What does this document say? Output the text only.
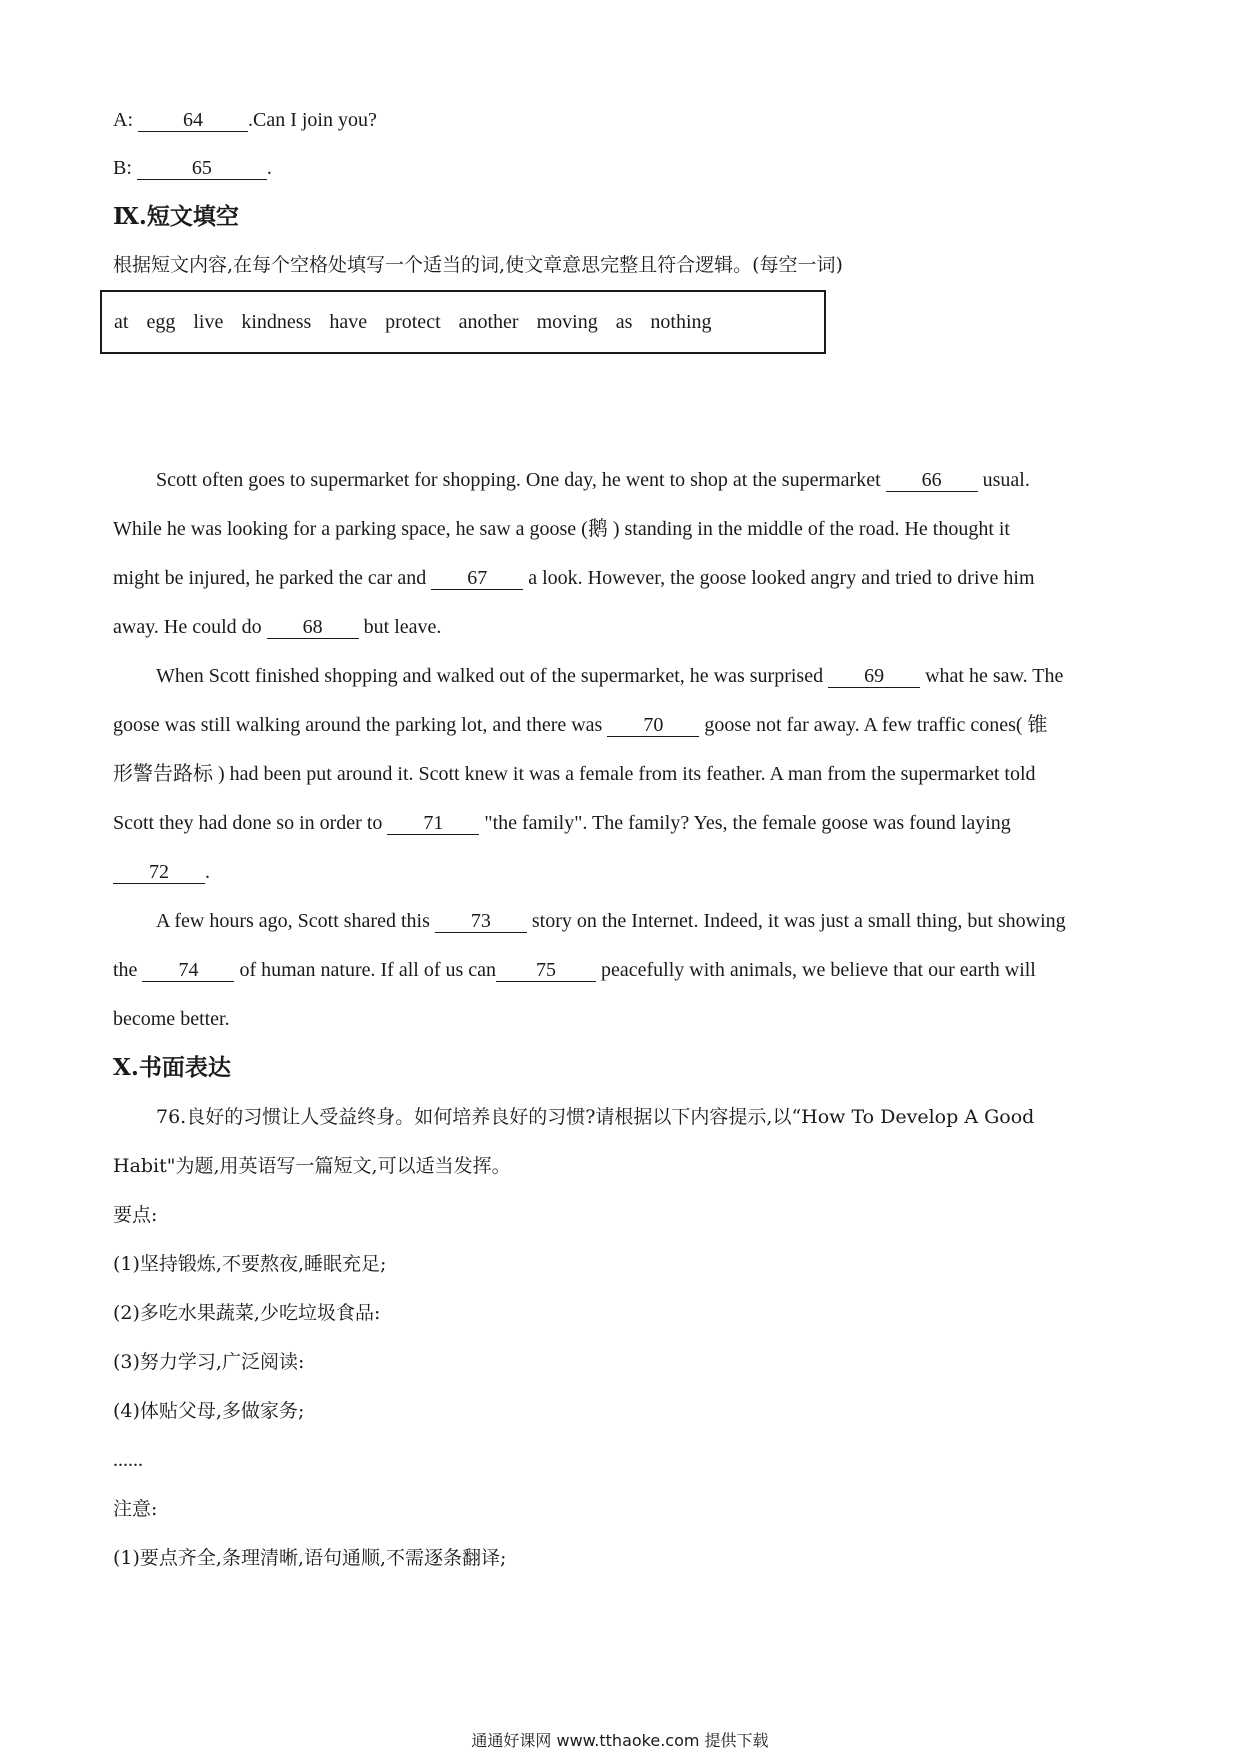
A:	64 .Can I join you?
B:	65	.
Ⅸ.短文填空
根据短文内容,在每个空格处填写一个适当的词,使文章意思完整且符合逻辑。(每空一词)
at egg live kindness have protect another moving as nothing
Scott often goes to supermarket for shopping. One day, he went to shop at the supermarket 66 usual.
While he was looking for a parking space, he saw a goose (鹅 ) standing in the middle of the road. He thought it
might be injured, he parked the car and 67 a look. However, the goose looked angry and tried to drive him
away. He could do 68 but leave.
When Scott finished shopping and walked out of the supermarket, he was surprised 69 what he saw. The
goose was still walking around the parking lot, and there was 70 goose not far away. A few traffic cones( 锥
形警告路标 ) had been put around it. Scott knew it was a female from its feather. A man from the supermarket told
Scott they had done so in order to 71 "the family". The family? Yes, the female goose was found laying
72 .
A few hours ago, Scott shared this 73 story on the Internet. Indeed, it was just a small thing, but showing
the 74 of human nature. If all of us can 75 peacefully with animals, we believe that our earth will
become better.
X.书面表达
76.良好的习惯让人受益终身。如何培养良好的习惯?请根据以下内容提示,以“How To Develop A Good
Habit"为题,用英语写一篇短文,可以适当发挥。
要点:
(1)坚持锻炼,不要熬夜,睡眠充足;
(2)多吃水果蔬菜,少吃垃圾食品:
(3)努力学习,广泛阅读:
(4)体贴父母,多做家务;
......
注意:
(1)要点齐全,条理清晰,语句通顺,不需逐条翻译;
通通好课网 www.tthaoke.com 提供下载
